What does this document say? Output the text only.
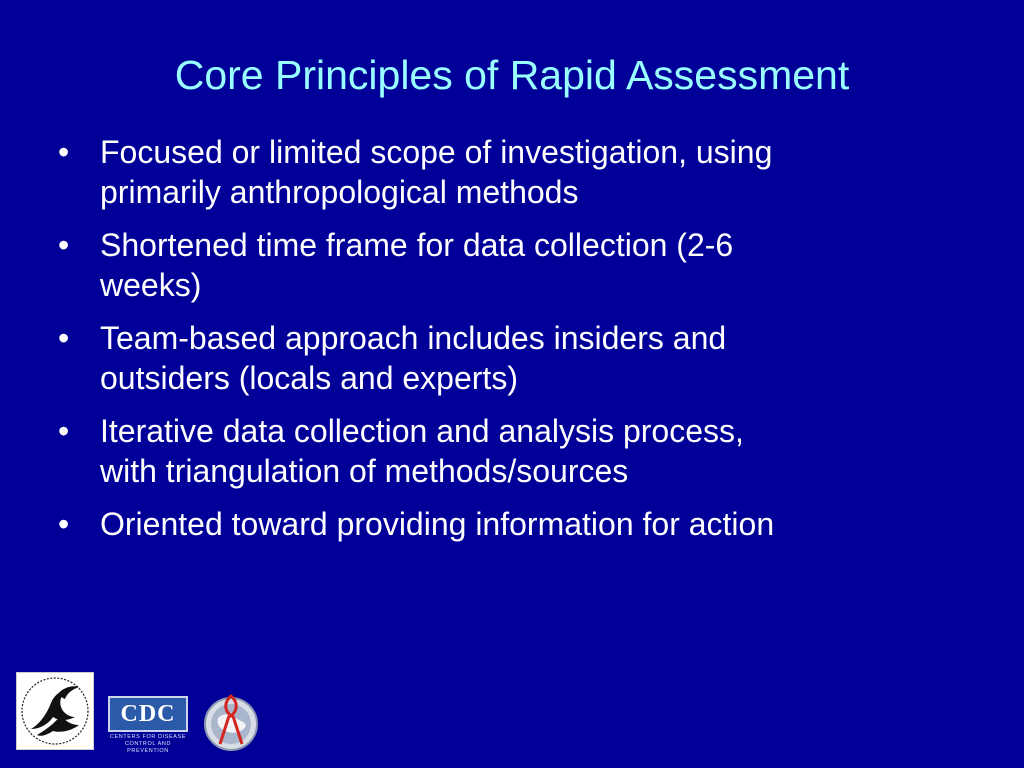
Core Principles of Rapid Assessment
• Focused or limited scope of investigation, using
primarily anthropological methods
• Shortened time frame for data collection (2-6
weeks)
• Team-based approach includes insiders and
outsiders (locals and experts)
• Iterative data collection and analysis process,
with triangulation of methods/sources
• Oriented toward providing information for action
CDC
CENTERS FOR DISEASE
CONTROL AND PREVENTION
